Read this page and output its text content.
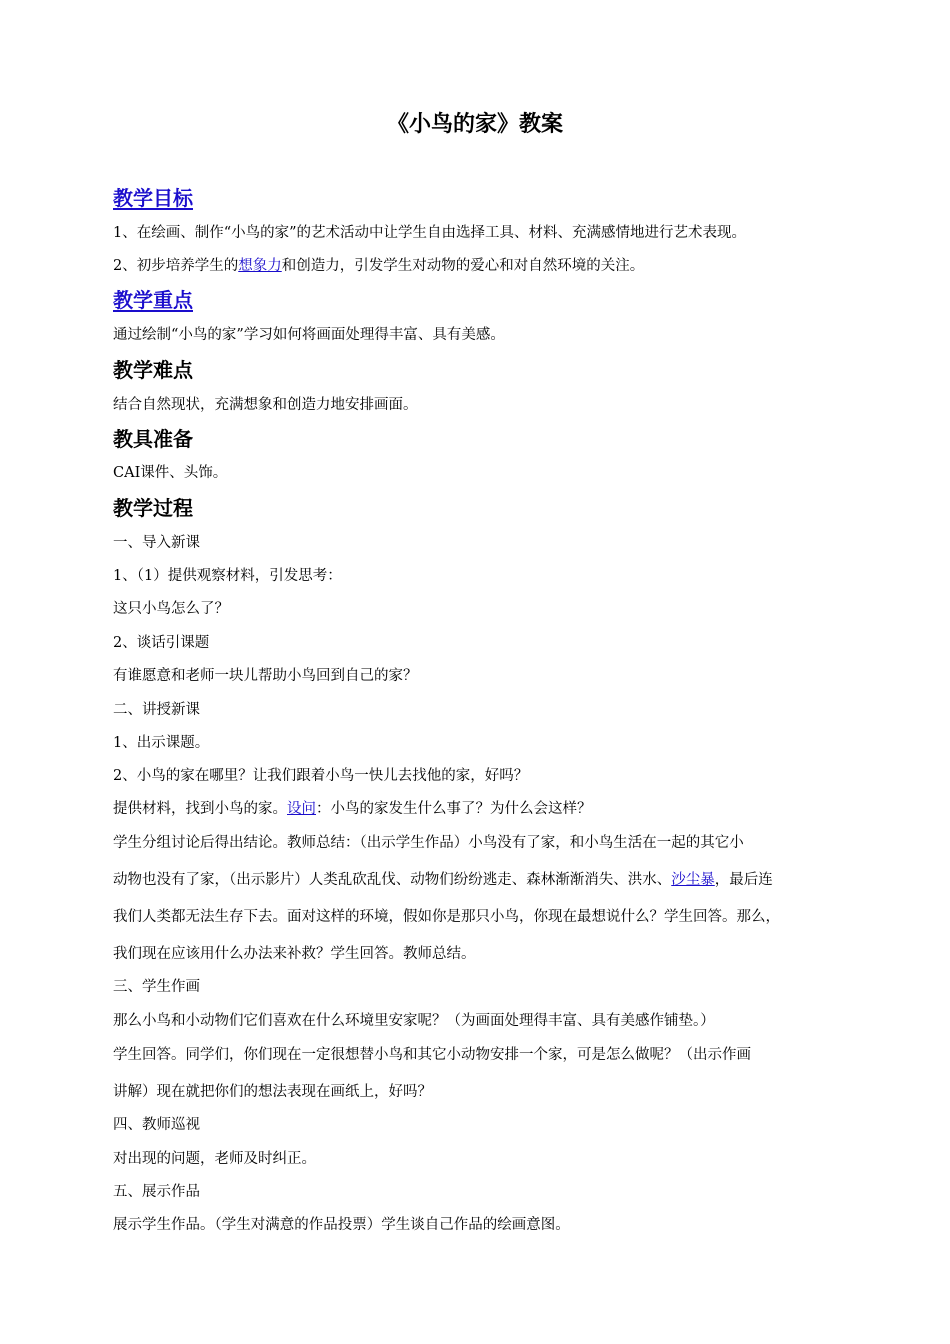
《小鸟的家》教案
教学目标

1、在绘画、制作“小鸟的家”的艺术活动中让学生自由选择工具、材料、充满感情地进行艺术表现。

2、初步培养学生的想象力和创造力，引发学生对动物的爱心和对自然环境的关注。

教学重点

通过绘制“小鸟的家”学习如何将画面处理得丰富、具有美感。

教学难点

结合自然现状，充满想象和创造力地安排画面。

教具准备

CAI课件、头饰。

教学过程

一、导入新课

1、（1）提供观察材料，引发思考：

这只小鸟怎么了？

2、谈话引课题

有谁愿意和老师一块儿帮助小鸟回到自己的家？

二、讲授新课

1、出示课题。

2、小鸟的家在哪里？让我们跟着小鸟一快儿去找他的家，好吗？

提供材料，找到小鸟的家。设问：小鸟的家发生什么事了？为什么会这样？

学生分组讨论后得出结论。教师总结：（出示学生作品）小鸟没有了家，和小鸟生活在一起的其它小

动物也没有了家，（出示影片）人类乱砍乱伐、动物们纷纷逃走、森林渐渐消失、洪水、沙尘暴，最后连

我们人类都无法生存下去。面对这样的环境，假如你是那只小鸟，你现在最想说什么？学生回答。那么，

我们现在应该用什么办法来补救？学生回答。教师总结。

三、学生作画

那么小鸟和小动物们它们喜欢在什么环境里安家呢？（为画面处理得丰富、具有美感作铺垫。）

学生回答。同学们，你们现在一定很想替小鸟和其它小动物安排一个家，可是怎么做呢？（出示作画

讲解）现在就把你们的想法表现在画纸上，好吗？

四、教师巡视

对出现的问题，老师及时纠正。

五、展示作品

展示学生作品。（学生对满意的作品投票）学生谈自己作品的绘画意图。
